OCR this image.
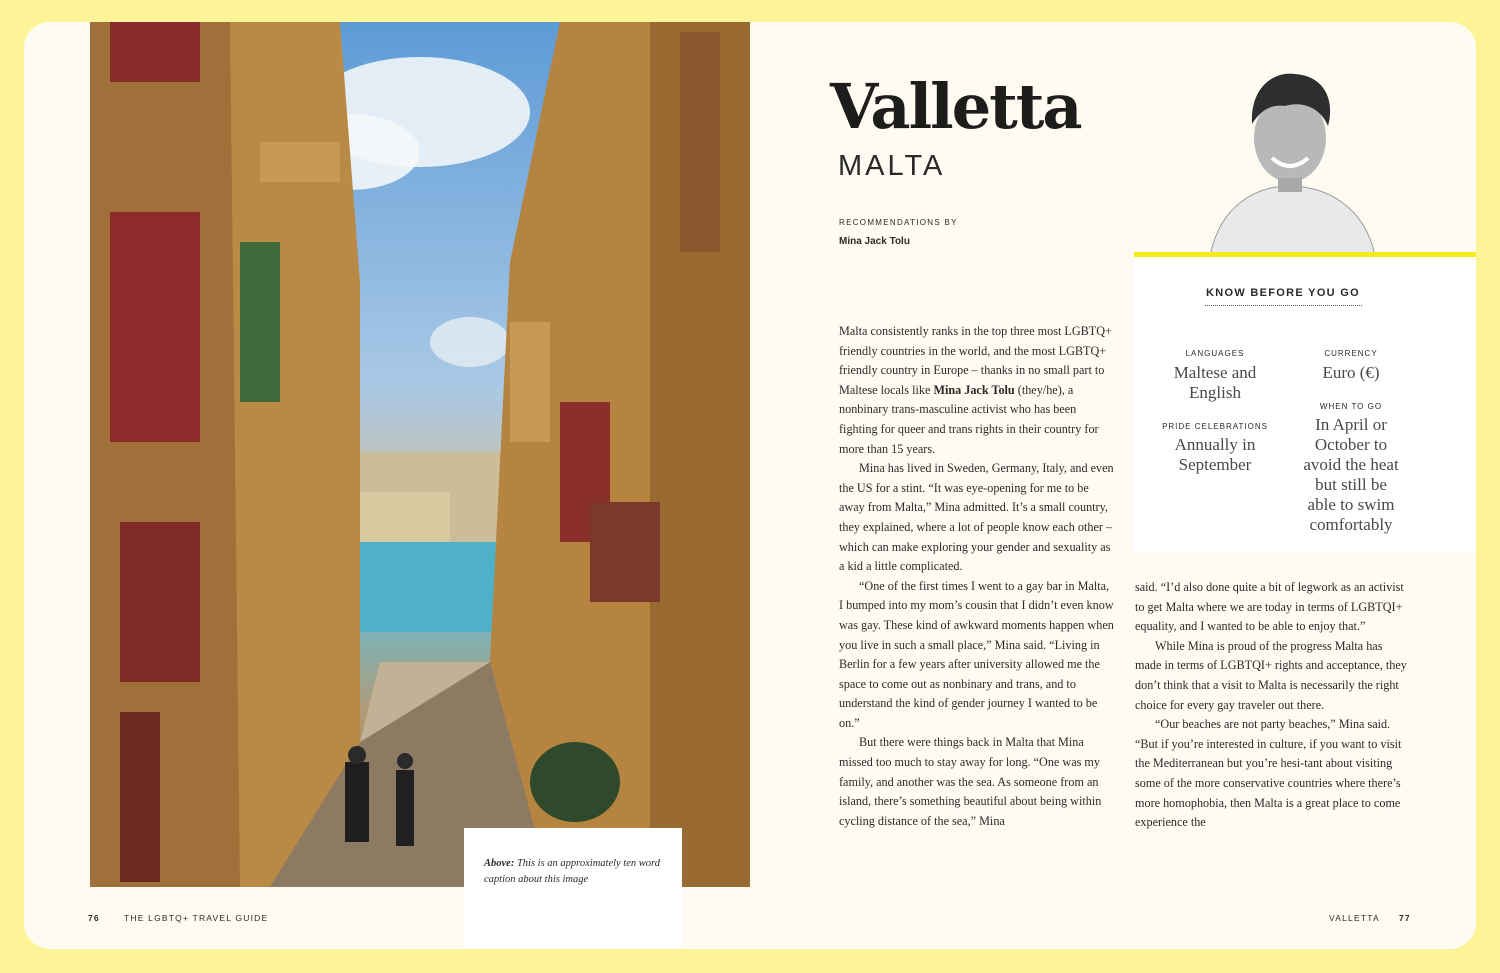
Above: This is an approximately ten word caption about this image
76	THE LGBTQ+ TRAVEL GUIDE	VALLETTA 77
Valletta
MALTA
RECOMMENDATIONS BY
Mina Jack Tolu
KNOW BEFORE YOU GO
LANGUAGES
Maltese and
English
CURRENCY
Euro (€)
WHEN TO GO
In April or
October to
avoid the heat
but still be
able to swim
comfortably
PRIDE CELEBRATIONS
Annually in
September

Malta consistently ranks in the top three most LGBTQ+ friendly countries in the world, and the most LGBTQ+ friendly country in Europe – thanks in no small part to Maltese locals like Mina Jack Tolu (they/he), a nonbinary trans-masculine activist who has been fighting for queer and trans rights in their country for more than 15 years.

Mina has lived in Sweden, Germany, Italy, and even the US for a stint. “It was eye-opening for me to be away from Malta,” Mina admitted. It’s a small country, they explained, where a lot of people know each other – which can make exploring your gender and sexuality as a kid a little complicated.

“One of the first times I went to a gay bar in Malta, I bumped into my mom’s cousin that I didn’t even know was gay. These kind of awkward moments happen when you live in such a small place,” Mina said. “Living in Berlin for a few years after university allowed me the space to come out as nonbinary and trans, and to understand the kind of gender journey I wanted to be on.”

But there were things back in Malta that Mina missed too much to stay away for long. “One was my family, and another was the sea. As someone from an island, there’s something beautiful about being within cycling distance of the sea,” Mina

said. “I’d also done quite a bit of legwork as an activist to get Malta where we are today in terms of LGBTQI+ equality, and I wanted to be able to enjoy that.”

While Mina is proud of the progress Malta has made in terms of LGBTQI+ rights and acceptance, they don’t think that a visit to Malta is necessarily the right choice for every gay traveler out there.

“Our beaches are not party beaches,” Mina said. “But if you’re interested in culture, if you want to visit the Mediterranean but you’re hesi-tant about visiting some of the more conservative countries where there’s more homophobia, then Malta is a great place to come experience the
